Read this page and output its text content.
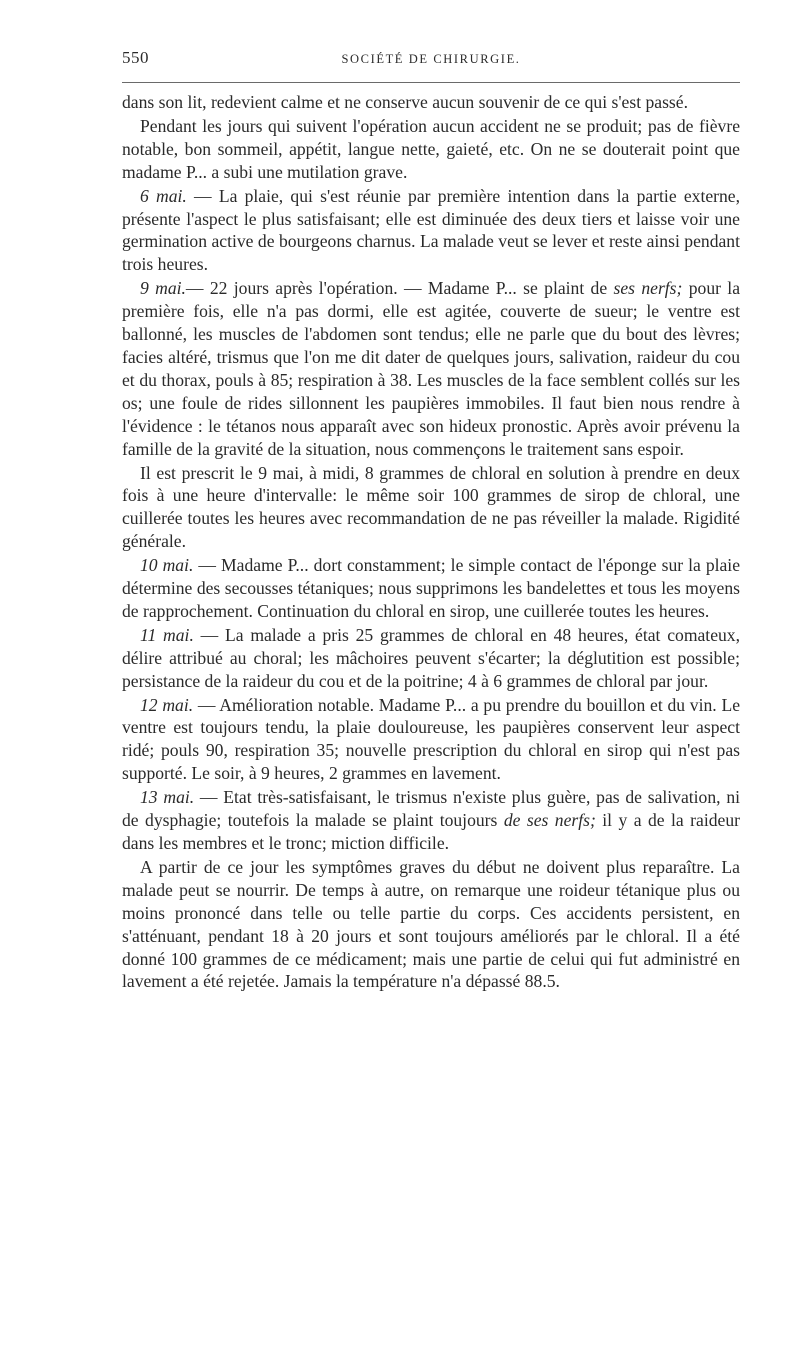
550	SOCIÉTÉ DE CHIRURGIE.

dans son lit, redevient calme et ne conserve aucun souvenir de ce qui s'est passé.

Pendant les jours qui suivent l'opération aucun accident ne se produit; pas de fièvre notable, bon sommeil, appétit, langue nette, gaieté, etc. On ne se douterait point que madame P... a subi une mutilation grave.

6 mai. — La plaie, qui s'est réunie par première intention dans la partie externe, présente l'aspect le plus satisfaisant; elle est diminuée des deux tiers et laisse voir une germination active de bourgeons charnus. La malade veut se lever et reste ainsi pendant trois heures.

9 mai.— 22 jours après l'opération. — Madame P... se plaint de ses nerfs; pour la première fois, elle n'a pas dormi, elle est agitée, couverte de sueur; le ventre est ballonné, les muscles de l'abdomen sont tendus; elle ne parle que du bout des lèvres; facies altéré, trismus que l'on me dit dater de quelques jours, salivation, raideur du cou et du thorax, pouls à 85; respiration à 38. Les muscles de la face semblent collés sur les os; une foule de rides sillonnent les paupières immobiles. Il faut bien nous rendre à l'évidence : le tétanos nous apparaît avec son hideux pronostic. Après avoir prévenu la famille de la gravité de la situation, nous commençons le traitement sans espoir.

Il est prescrit le 9 mai, à midi, 8 grammes de chloral en solution à prendre en deux fois à une heure d'intervalle: le même soir 100 grammes de sirop de chloral, une cuillerée toutes les heures avec recommandation de ne pas réveiller la malade. Rigidité générale.

10 mai. — Madame P... dort constamment; le simple contact de l'éponge sur la plaie détermine des secousses tétaniques; nous supprimons les bandelettes et tous les moyens de rapprochement. Continuation du chloral en sirop, une cuillerée toutes les heures.

11 mai. — La malade a pris 25 grammes de chloral en 48 heures, état comateux, délire attribué au choral; les mâchoires peuvent s'écarter; la déglutition est possible; persistance de la raideur du cou et de la poitrine; 4 à 6 grammes de chloral par jour.

12 mai. — Amélioration notable. Madame P... a pu prendre du bouillon et du vin. Le ventre est toujours tendu, la plaie douloureuse, les paupières conservent leur aspect ridé; pouls 90, respiration 35; nouvelle prescription du chloral en sirop qui n'est pas supporté. Le soir, à 9 heures, 2 grammes en lavement.

13 mai. — Etat très-satisfaisant, le trismus n'existe plus guère, pas de salivation, ni de dysphagie; toutefois la malade se plaint toujours de ses nerfs; il y a de la raideur dans les membres et le tronc; miction difficile.

A partir de ce jour les symptômes graves du début ne doivent plus reparaître. La malade peut se nourrir. De temps à autre, on remarque une roideur tétanique plus ou moins prononcé dans telle ou telle partie du corps. Ces accidents persistent, en s'atténuant, pendant 18 à 20 jours et sont toujours améliorés par le chloral. Il a été donné 100 grammes de ce médicament; mais une partie de celui qui fut administré en lavement a été rejetée. Jamais la température n'a dépassé 88.5.
